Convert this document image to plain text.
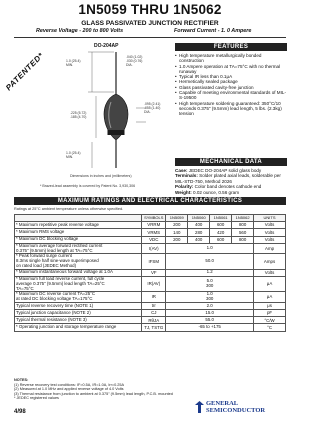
1N5059 THRU 1N5062
GLASS PASSIVATED JUNCTION RECTIFIER
Reverse Voltage - 200 to 800 Volts	Forward Current - 1. 0 Ampere
PATENTED*
DO-204AP
1.0 (25.4)
MIN.
.040 (1.02)
.030 (0.76)
DIA.
.095 (2.41)
.055 (1.40)
DIA.
.225 (5.72)
.185 (4.70)
1.0 (25.4)
MIN.
Dimensions in inches and (millimeters)
* Brazed-lead assembly is covered by Patent No. 3,930,306
FEATURES
• High temperature metallurgically bonded construction
• 1.0 Ampere operation at TA=75°C with no thermal runaway
• Typical IR less than 0.1μA
• Hermetically sealed package
• Glass passivated cavity-free junction
• Capable of meeting environmental standards of MIL-S-19500
• High temperature soldering guaranteed: 350°C/10 seconds 0.375" (9.5mm) lead length, 5 lbs. (2.3kg) tension
MECHANICAL DATA
Case: JEDEC DO-204AP solid glass body
Terminals: Solder plated axial leads, solderable per MIL-STD-750, Method 2026
Polarity: Color band denotes cathode end
Weight: 0.02 ounce, 0.56 gram
MAXIMUM RATINGS AND ELECTRICAL CHARACTERISTICS
Ratings at 25°C ambient temperature unless otherwise specified.
	SYMBOLS	1N5059	1N5060	1N5061	1N5062	UNITS
* Maximum repetitive peak reverse voltage	VRRM	200	400	600	800	Volts
* Maximum RMS voltage	VRMS	140	280	420	560	Volts
* Maximum DC blocking voltage	VDC	200	400	600	800	Volts
* Maximum average forward rectified current
0.375" (9.5mm) lead length at TA=75°C	I(AV)	1.0				Amp
* Peak forward surge current
8.3ms single half sine-wave superimposed
on rated load (JEDEC Method)	IFSM	50.0				Amps
* Maximum instantaneous forward voltage at 1.0A	VF	1.2				Volts
* Maximum full load reverse current, full cycle
average 0.375" (9.5mm) lead length TA=25°C
TA=75°C	IR(AV)	5.0
300				μA
* Maximum DC reverse current TA=25°C
at rated DC blocking voltage TA=175°C	IR	1.0
300				μA
Typical reverse recovery time (NOTE 1)	trr	2.0				μs
Typical junction capacitance (NOTE 2)	CJ	15.0				pF
Typical thermal resistance (NOTE 3)	RθJA	55.0				°C/W
* Operating junction and storage temperature range	TJ, TSTG	-65 to +175				°C
NOTES:
(1) Reverse recovery test conditions: IF=0.5A, IR=1.0A, Irr=0.25A
(2) Measured at 1.0 MHz and applied reverse voltage of 4.0 Volts
(3) Thermal resistance from junction to ambient at 0.375" (9.5mm) lead length, P.C.B. mounted
* JEDEC registered values
4/98
GENERAL
SEMICONDUCTOR
